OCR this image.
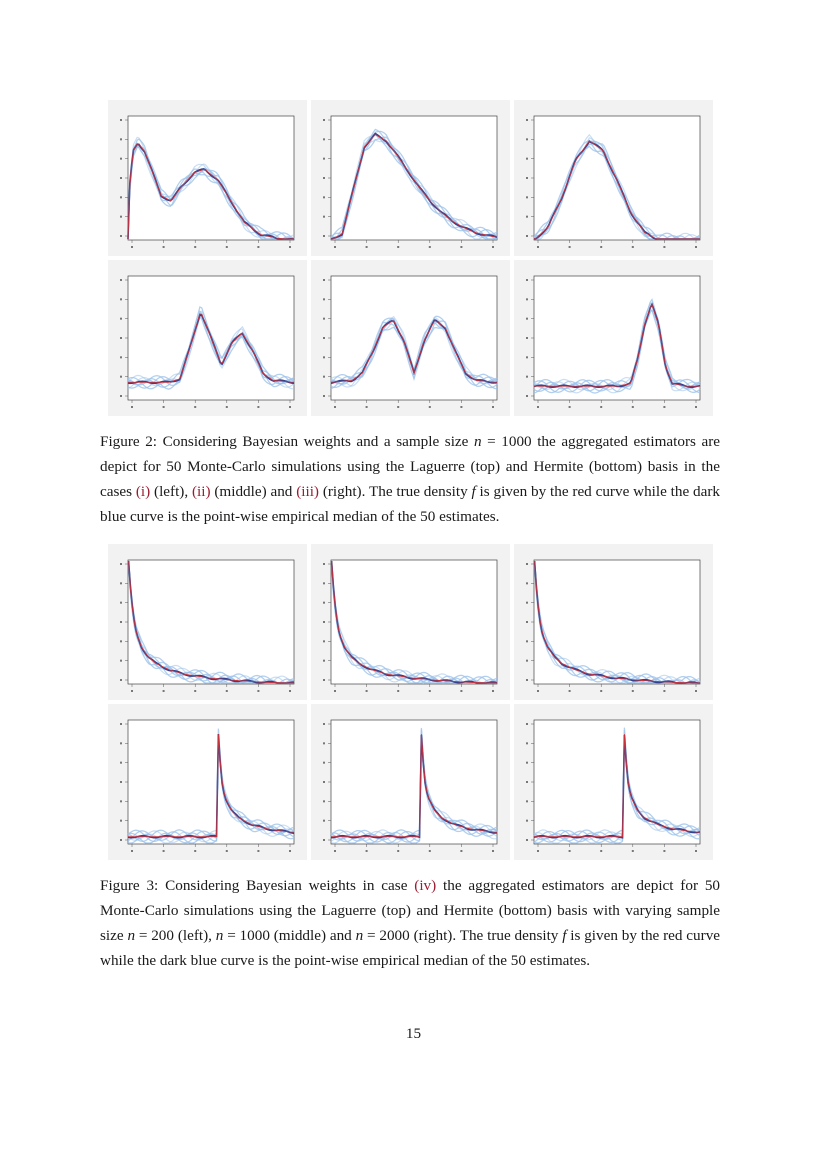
Figure 2: Considering Bayesian weights and a sample size n = 1000 the aggregated estimators are depict for 50 Monte-Carlo simulations using the Laguerre (top) and Hermite (bottom) basis in the cases (i) (left), (ii) (middle) and (iii) (right). The true density f is given by the red curve while the dark blue curve is the point-wise empirical median of the 50 estimates.

Figure 3: Considering Bayesian weights in case (iv) the aggregated estimators are depict for 50 Monte-Carlo simulations using the Laguerre (top) and Hermite (bottom) basis with varying sample size n = 200 (left), n = 1000 (middle) and n = 2000 (right). The true density f is given by the red curve while the dark blue curve is the point-wise empirical median of the 50 estimates.

15
